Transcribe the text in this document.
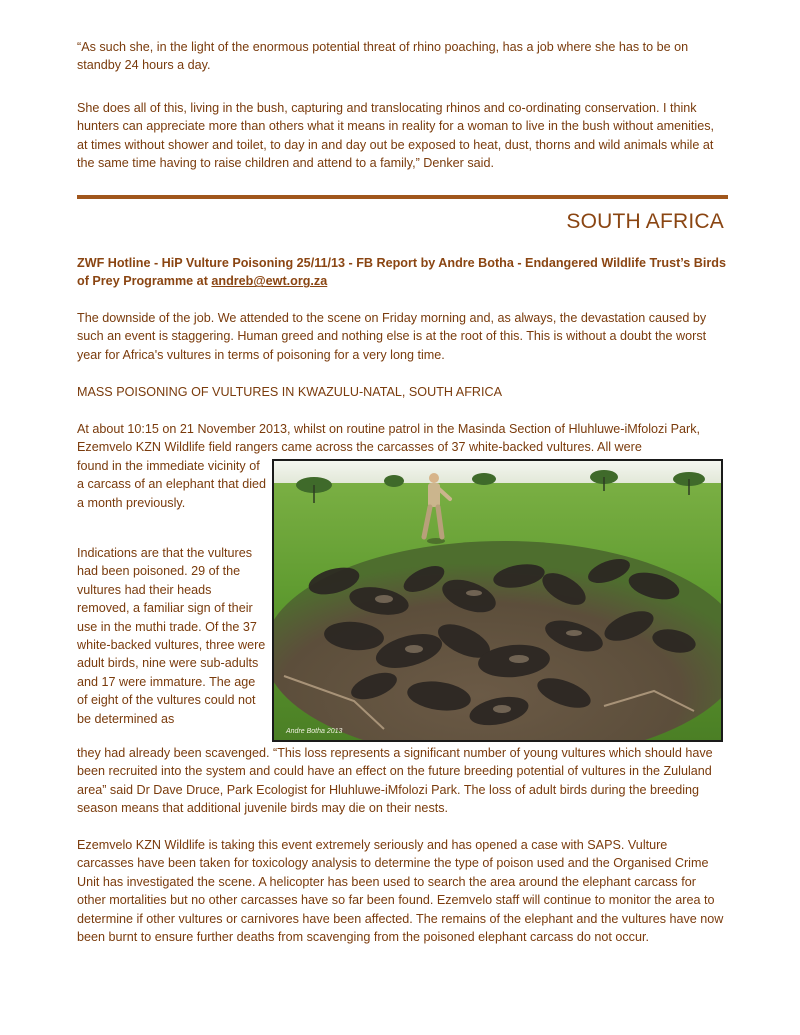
“As such she, in the light of the enormous potential threat of rhino poaching, has a job where she has to be on standby 24 hours a day.

She does all of this, living in the bush, capturing and translocating rhinos and co-ordinating conservation. I think hunters can appreciate more than others what it means in reality for a woman to live in the bush without amenities, at times without shower and toilet, to day in and day out be exposed to heat, dust, thorns and wild animals while at the same time having to raise children and attend to a family,” Denker said.

SOUTH AFRICA

ZWF Hotline - HiP Vulture Poisoning 25/11/13 - FB Report by Andre Botha - Endangered Wildlife Trust’s Birds of Prey Programme at andreb@ewt.org.za

The downside of the job. We attended to the scene on Friday morning and, as always, the devastation caused by such an event is staggering. Human greed and nothing else is at the root of this. This is without a doubt the worst year for Africa's vultures in terms of poisoning for a very long time.

MASS POISONING OF VULTURES IN KWAZULU-NATAL, SOUTH AFRICA

At about 10:15 on 21 November 2013, whilst on routine patrol in the Masinda Section of Hluhluwe-iMfolozi Park, Ezemvelo KZN Wildlife field rangers came across the carcasses of 37 white-backed vultures. All were

found in the immediate vicinity of a carcass of an elephant that died a month previously.

Indications are that the vultures had been poisoned. 29 of the vultures had their heads removed, a familiar sign of their use in the muthi trade. Of the 37 white-backed vultures, three were adult birds, nine were sub-adults and 17 were immature. The age of eight of the vultures could not be determined as

Andre Botha 2013

they had already been scavenged. “This loss represents a significant number of young vultures which should have been recruited into the system and could have an effect on the future breeding potential of vultures in the Zululand area” said Dr Dave Druce, Park Ecologist for Hluhluwe-iMfolozi Park. The loss of adult birds during the breeding season means that additional juvenile birds may die on their nests.

Ezemvelo KZN Wildlife is taking this event extremely seriously and has opened a case with SAPS. Vulture carcasses have been taken for toxicology analysis to determine the type of poison used and the Organised Crime Unit has investigated the scene. A helicopter has been used to search the area around the elephant carcass for other mortalities but no other carcasses have so far been found. Ezemvelo staff will continue to monitor the area to determine if other vultures or carnivores have been affected. The remains of the elephant and the vultures have now been burnt to ensure further deaths from scavenging from the poisoned elephant carcass do not occur.
